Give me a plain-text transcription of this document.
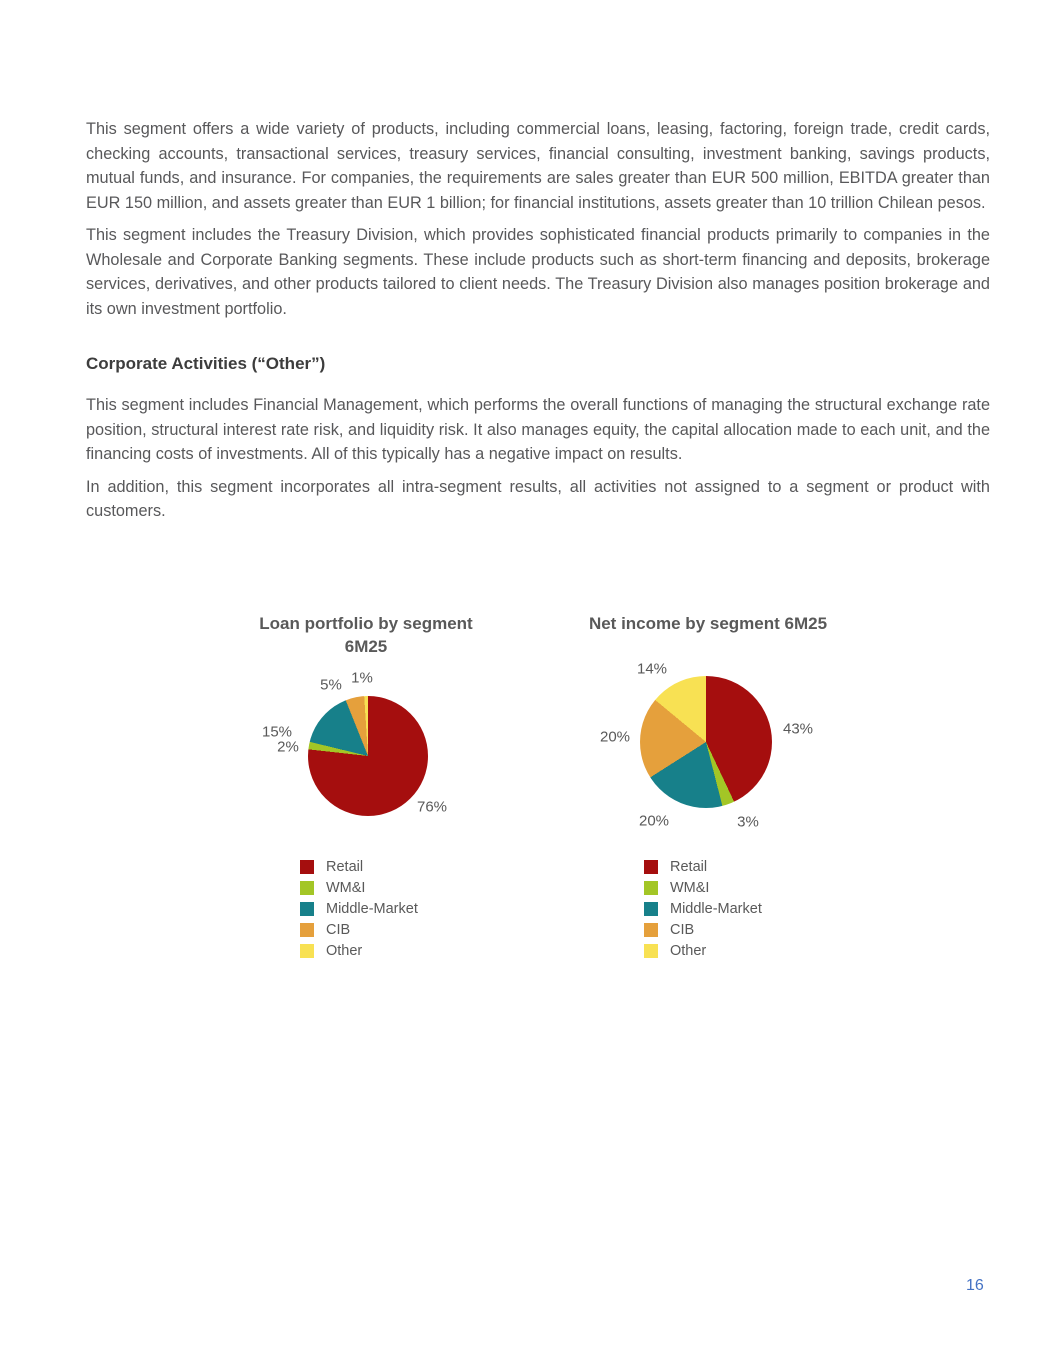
This segment offers a wide variety of products, including commercial loans, leasing, factoring, foreign trade, credit cards, checking accounts, transactional services, treasury services, financial consulting, investment banking, savings products, mutual funds, and insurance. For companies, the requirements are sales greater than EUR 500 million, EBITDA greater than EUR 150 million, and assets greater than EUR 1 billion; for financial institutions, assets greater than 10 trillion Chilean pesos.

This segment includes the Treasury Division, which provides sophisticated financial products primarily to companies in the Wholesale and Corporate Banking segments. These include products such as short-term financing and deposits, brokerage services, derivatives, and other products tailored to client needs. The Treasury Division also manages position brokerage and its own investment portfolio.

Corporate Activities (“Other”)

This segment includes Financial Management, which performs the overall functions of managing the structural exchange rate position, structural interest rate risk, and liquidity risk. It also manages equity, the capital allocation made to each unit, and the financing costs of investments. All of this typically has a negative impact on results.

In addition, this segment incorporates all intra-segment results, all activities not assigned to a segment or product with customers.

Loan portfolio by segment
6M25
76%
2%
15%
5% 1%
Retail
WM&I
Middle-Market
CIB
Other
Net income by segment 6M25
43%
3%
20%
20%
14%
Retail
WM&I
Middle-Market
CIB
Other
16
